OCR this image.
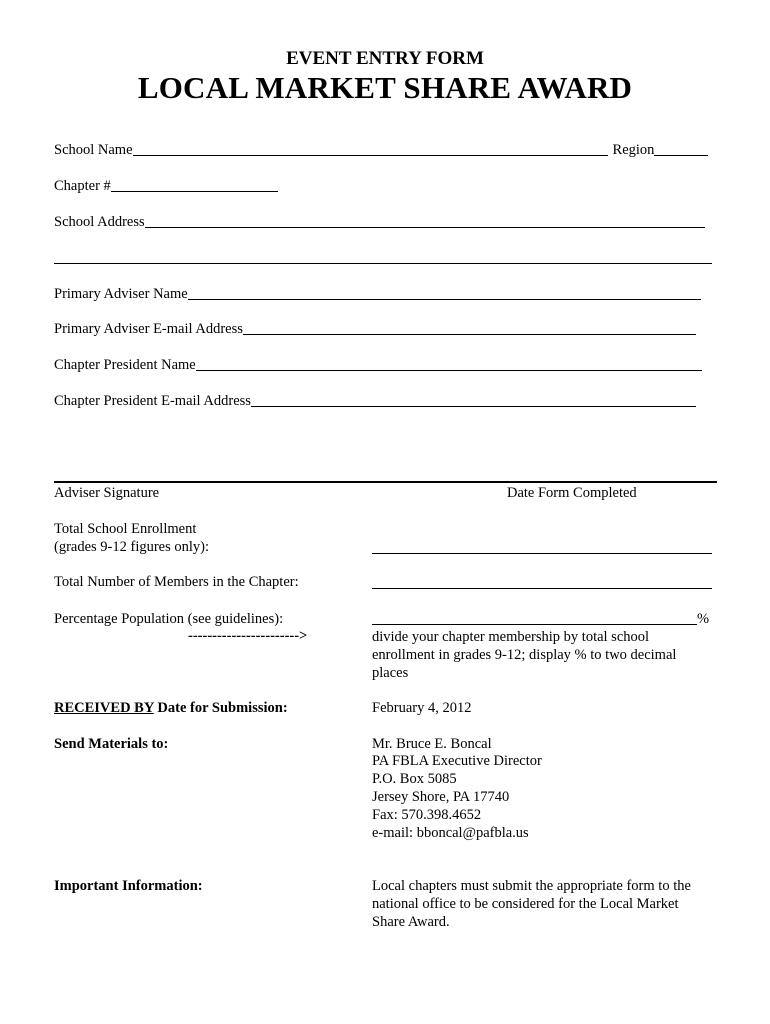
EVENT ENTRY FORM
LOCAL MARKET SHARE AWARD
School Name	Region
Chapter #
School Address
Primary Adviser Name
Primary Adviser E-mail Address
Chapter President Name
Chapter President E-mail Address
Adviser Signature	Date Form Completed
Total School Enrollment
(grades 9-12 figures only):
Total Number of Members in the Chapter:
Percentage Population (see guidelines):
----------------------->
%
divide your chapter membership by total school enrollment in grades 9-12; display % to two decimal places
RECEIVED BY Date for Submission:	February 4, 2012
Send Materials to:	Mr. Bruce E. Boncal
PA FBLA Executive Director
P.O. Box 5085
Jersey Shore, PA 17740
Fax: 570.398.4652
e-mail: bboncal@pafbla.us
Important Information:	Local chapters must submit the appropriate form to the national office to be considered for the Local Market Share Award.
